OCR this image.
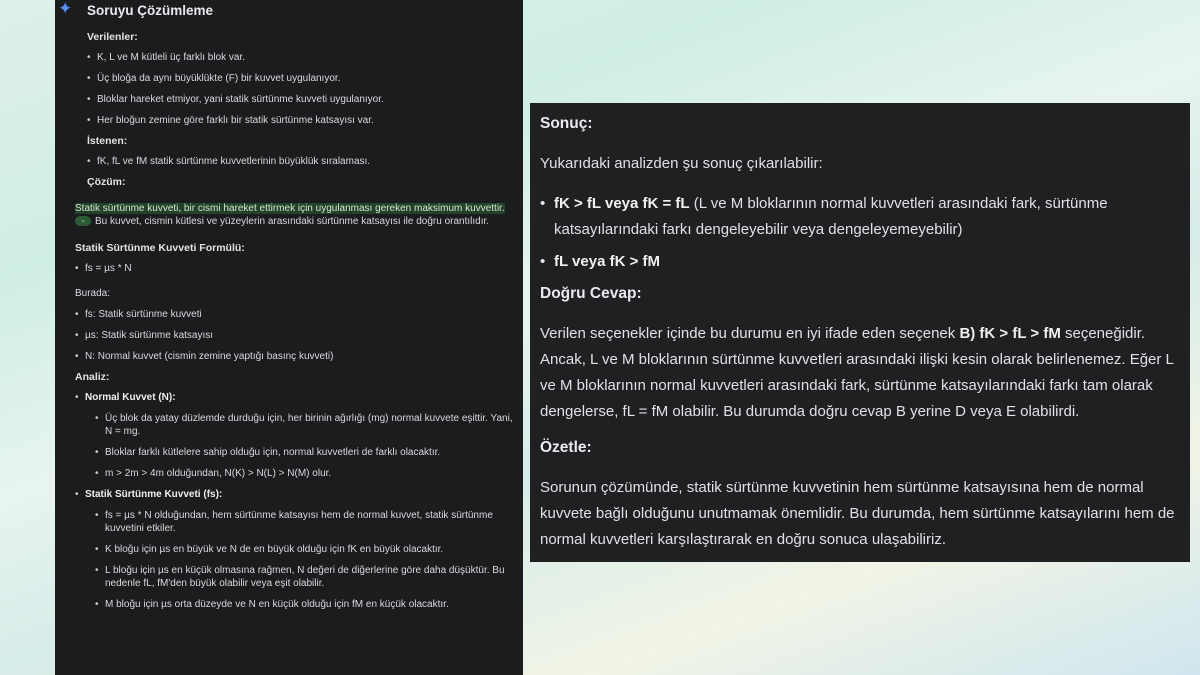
✦ Soruyu Çözümleme
Verilenler:
• K, L ve M kütleli üç farklı blok var.
• Üç bloğa da aynı büyüklükte (F) bir kuvvet uygulanıyor.
• Bloklar hareket etmiyor, yani statik sürtünme kuvveti uygulanıyor.
• Her bloğun zemine göre farklı bir statik sürtünme katsayısı var.
İstenen:
• fK, fL ve fM statik sürtünme kuvvetlerinin büyüklük sıralaması.
Çözüm:
Statik sürtünme kuvveti, bir cismi hareket ettirmek için uygulanması gereken maksimum kuvvettir.
⌄ Bu kuvvet, cismin kütlesi ve yüzeylerin arasındaki sürtünme katsayısı ile doğru orantılıdır.
Statik Sürtünme Kuvveti Formülü:
• fs = µs * N
Burada:
• fs: Statik sürtünme kuvveti
• µs: Statik sürtünme katsayısı
• N: Normal kuvvet (cismin zemine yaptığı basınç kuvveti)
Analiz:
• Normal Kuvvet (N):
• Üç blok da yatay düzlemde durduğu için, her birinin ağırlığı (mg) normal kuvvete eşittir. Yani, N = mg.
• Bloklar farklı kütlelere sahip olduğu için, normal kuvvetleri de farklı olacaktır.
• m > 2m > 4m olduğundan, N(K) > N(L) > N(M) olur.
• Statik Sürtünme Kuvveti (fs):
• fs = µs * N olduğundan, hem sürtünme katsayısı hem de normal kuvvet, statik sürtünme kuvvetini etkiler.
• K bloğu için µs en büyük ve N de en büyük olduğu için fK en büyük olacaktır.
• L bloğu için µs en küçük olmasına rağmen, N değeri de diğerlerine göre daha düşüktür. Bu nedenle fL, fM'den büyük olabilir veya eşit olabilir.
• M bloğu için µs orta düzeyde ve N en küçük olduğu için fM en küçük olacaktır.
Sonuç:
Yukarıdaki analizden şu sonuç çıkarılabilir:
• fK > fL veya fK = fL (L ve M bloklarının normal kuvvetleri arasındaki fark, sürtünme katsayılarındaki farkı dengeleyebilir veya dengeleyemeyebilir)
• fL veya fK > fM
Doğru Cevap:
Verilen seçenekler içinde bu durumu en iyi ifade eden seçenek B) fK > fL > fM seçeneğidir. Ancak, L ve M bloklarının sürtünme kuvvetleri arasındaki ilişki kesin olarak belirlenemez. Eğer L ve M bloklarının normal kuvvetleri arasındaki fark, sürtünme katsayılarındaki farkı tam olarak dengelerse, fL = fM olabilir. Bu durumda doğru cevap B yerine D veya E olabilirdi.
Özetle:
Sorunun çözümünde, statik sürtünme kuvvetinin hem sürtünme katsayısına hem de normal kuvvete bağlı olduğunu unutmamak önemlidir. Bu durumda, hem sürtünme katsayılarını hem de normal kuvvetleri karşılaştırarak en doğru sonuca ulaşabiliriz.
